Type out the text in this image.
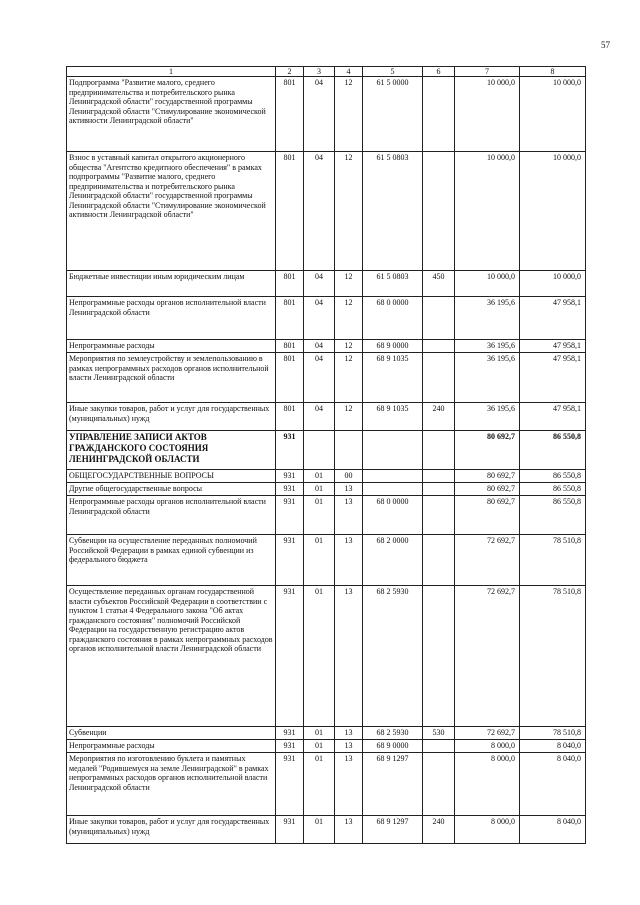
57
1	2	3	4	5	6	7	8
Подпрограмма "Развитие малого, среднего предпринимательства и потребительского рынка Ленинградской области" государственной программы Ленинградской области "Стимулирование экономической активности Ленинградской области"	801	04	12	61 5 0000		10 000,0	10 000,0
Взнос в уставный капитал открытого акционерного общества "Агентство кредитного обеспечения" в рамках подпрограммы "Развитие малого, среднего предпринимательства и потребительского рынка Ленинградской области" государственной программы Ленинградской области "Стимулирование экономической активности Ленинградской области"	801	04	12	61 5 0803		10 000,0	10 000,0
Бюджетные инвестиции иным юридическим лицам	801	04	12	61 5 0803	450	10 000,0	10 000,0
Непрограммные расходы органов исполнительной власти Ленинградской области	801	04	12	68 0 0000		36 195,6	47 958,1
Непрограммные расходы	801	04	12	68 9 0000		36 195,6	47 958,1
Мероприятия по землеустройству и землепользованию в рамках непрограммных расходов органов исполнительной власти Ленинградской области	801	04	12	68 9 1035		36 195,6	47 958,1
Иные закупки товаров, работ и услуг для государственных (муниципальных) нужд	801	04	12	68 9 1035	240	36 195,6	47 958,1
УПРАВЛЕНИЕ ЗАПИСИ АКТОВ ГРАЖДАНСКОГО СОСТОЯНИЯ ЛЕНИНГРАДСКОЙ ОБЛАСТИ	931					80 692,7	86 550,8
ОБЩЕГОСУДАРСТВЕННЫЕ ВОПРОСЫ	931	01	00			80 692,7	86 550,8
Другие общегосударственные вопросы	931	01	13			80 692,7	86 550,8
Непрограммные расходы органов исполнительной власти Ленинградской области	931	01	13	68 0 0000		80 692,7	86 550,8
Субвенции на осуществление переданных полномочий Российской Федерации в рамках единой субвенции из федерального бюджета	931	01	13	68 2 0000		72 692,7	78 510,8
Осуществление переданных органам государственной власти субъектов Российской Федерации в соответствии с пунктом 1 статьи 4 Федерального закона "Об актах гражданского состояния" полномочий Российской Федерации на государственную регистрацию актов гражданского состояния в рамках непрограммных расходов органов исполнительной власти Ленинградской области	931	01	13	68 2 5930		72 692,7	78 510,8
Субвенции	931	01	13	68 2 5930	530	72 692,7	78 510,8
Непрограммные расходы	931	01	13	68 9 0000		8 000,0	8 040,0
Мероприятия по изготовлению буклета и памятных медалей "Родившемуся на земле Ленинградской" в рамках непрограммных расходов органов исполнительной власти Ленинградской области	931	01	13	68 9 1297		8 000,0	8 040,0
Иные закупки товаров, работ и услуг для государственных (муниципальных) нужд	931	01	13	68 9 1297	240	8 000,0	8 040,0
